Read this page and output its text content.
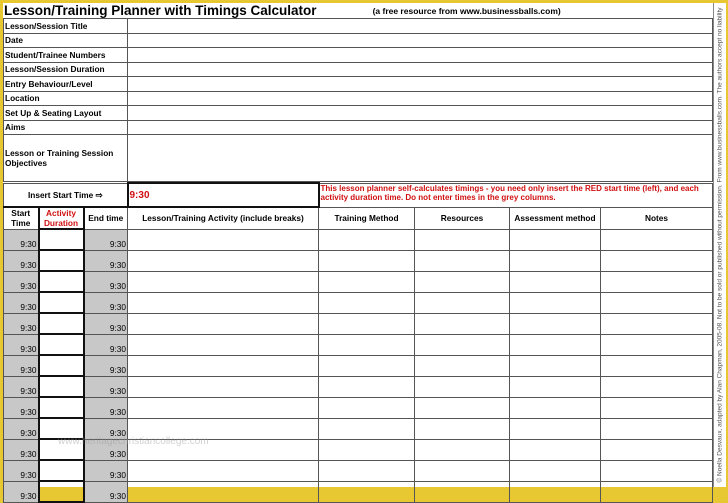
Lesson/Training Planner with Timings Calculator	(a free resource from www.businessballs.com)
Lesson/Session Title	
Date	
Student/Trainee Numbers	
Lesson/Session Duration	
Entry Behaviour/Level	
Location	
Set Up & Seating Layout	
Aims	
Lesson or Training Session Objectives	
Insert Start Time ⇨			9:30	This lesson planner self-calculates timings - you need only insert the RED start time (left), and each activity duration time. Do not enter times in the grey columns.			
Start Time	Activity Duration	End time	Lesson/Training Activity (include breaks)	Training Method	Resources	Assessment method	Notes
9:30		9:30					
9:30		9:30					
9:30		9:30					
9:30		9:30					
9:30		9:30					
9:30		9:30					
9:30		9:30					
9:30		9:30					
9:30		9:30					
9:30		9:30					
9:30		9:30					
9:30		9:30					
9:30		9:30					
www.heritagechristiancollege.com	© Noella Desvaux, adapted by Alan Chapman, 2005-08. Not to be sold or published without permission. From www.businessballs.com. The authors accept no liability
